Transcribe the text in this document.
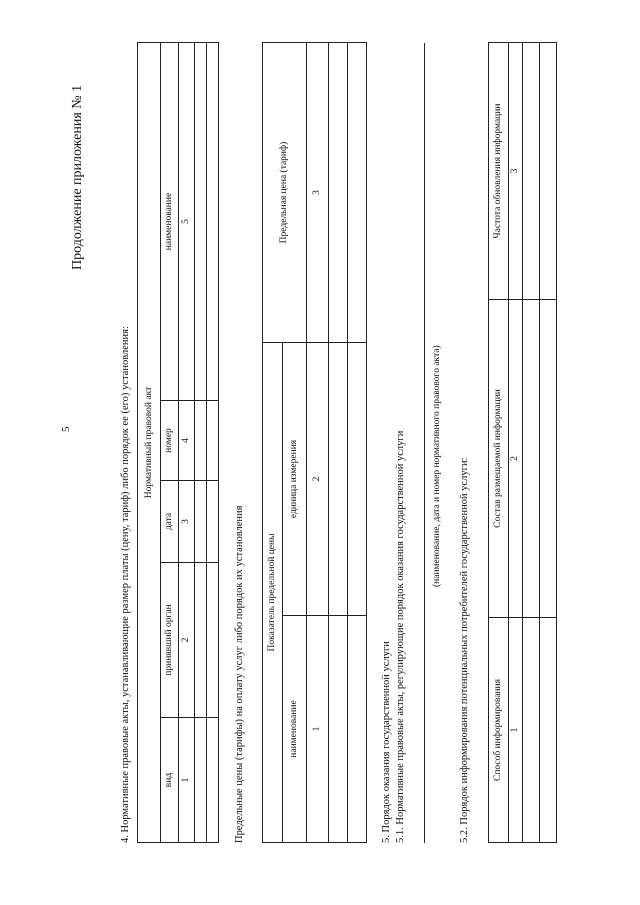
5
Продолжение приложения № 1
4. Нормативные правовые акты, устанавливающие размер платы (цену, тариф) либо порядок ее (его) установления: Нормативный правовой акт				
вид	принявший орган	дата	номер	наименование
1	2	3	4	5

Предельные цены (тарифы) на оплату услуг либо порядок их установления Показатель предельной цены		Предельная цена (тариф)
наименование	единица измерения	
1	2	3

5. Порядок оказания государственной услуги 5.1. Нормативные правовые акты, регулирующие порядок оказания государственной услуги	(наименование, дата и номер нормативного правового акта) 5.2. Порядок информирования потенциальных потребителей государственной услуги: Способ информирования	Состав размещаемой информации	Частота обновления информации
1	2	3
